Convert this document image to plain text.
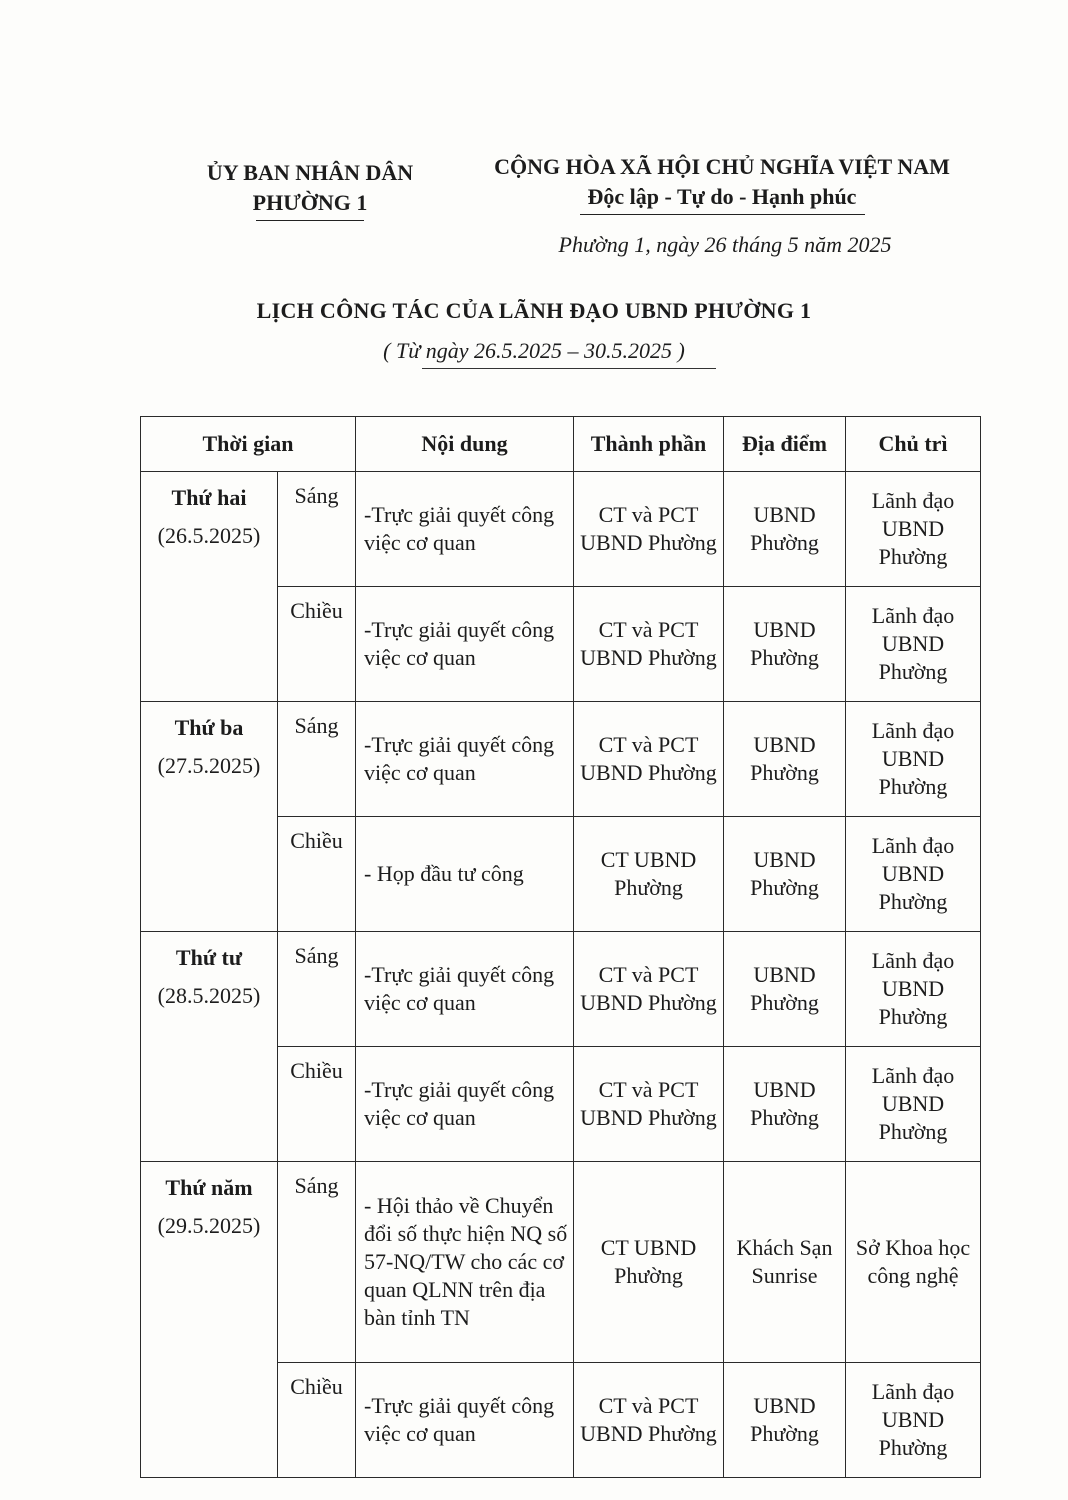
ỦY BAN NHÂN DÂN
PHƯỜNG 1
CỘNG HÒA XÃ HỘI CHỦ NGHĨA VIỆT NAM
Độc lập - Tự do - Hạnh phúc
Phường 1, ngày 26 tháng 5 năm 2025
LỊCH CÔNG TÁC CỦA LÃNH ĐẠO UBND PHƯỜNG 1
( Từ ngày 26.5.2025 – 30.5.2025 )
Thời gian		Nội dung	Thành phần	Địa điểm	Chủ trì

Thứ hai
(26.5.2025)	Sáng	-Trực giải quyết công việc cơ quan	CT và PCT UBND Phường	UBND Phường	Lãnh đạo UBND Phường
	Chiều	-Trực giải quyết công việc cơ quan	CT và PCT UBND Phường	UBND Phường	Lãnh đạo UBND Phường

Thứ ba
(27.5.2025)	Sáng	-Trực giải quyết công việc cơ quan	CT và PCT UBND Phường	UBND Phường	Lãnh đạo UBND Phường
	Chiều	- Họp đầu tư công	CT UBND Phường	UBND Phường	Lãnh đạo UBND Phường

Thứ tư
(28.5.2025)	Sáng	-Trực giải quyết công việc cơ quan	CT và PCT UBND Phường	UBND Phường	Lãnh đạo UBND Phường
	Chiều	-Trực giải quyết công việc cơ quan	CT và PCT UBND Phường	UBND Phường	Lãnh đạo UBND Phường

Thứ năm
(29.5.2025)	Sáng	- Hội thảo về Chuyển đổi số thực hiện NQ số 57-NQ/TW cho các cơ quan QLNN trên địa bàn tỉnh TN	CT UBND Phường	Khách Sạn Sunrise	Sở Khoa học công nghệ
	Chiều	-Trực giải quyết công việc cơ quan	CT và PCT UBND Phường	UBND Phường	Lãnh đạo UBND Phường
